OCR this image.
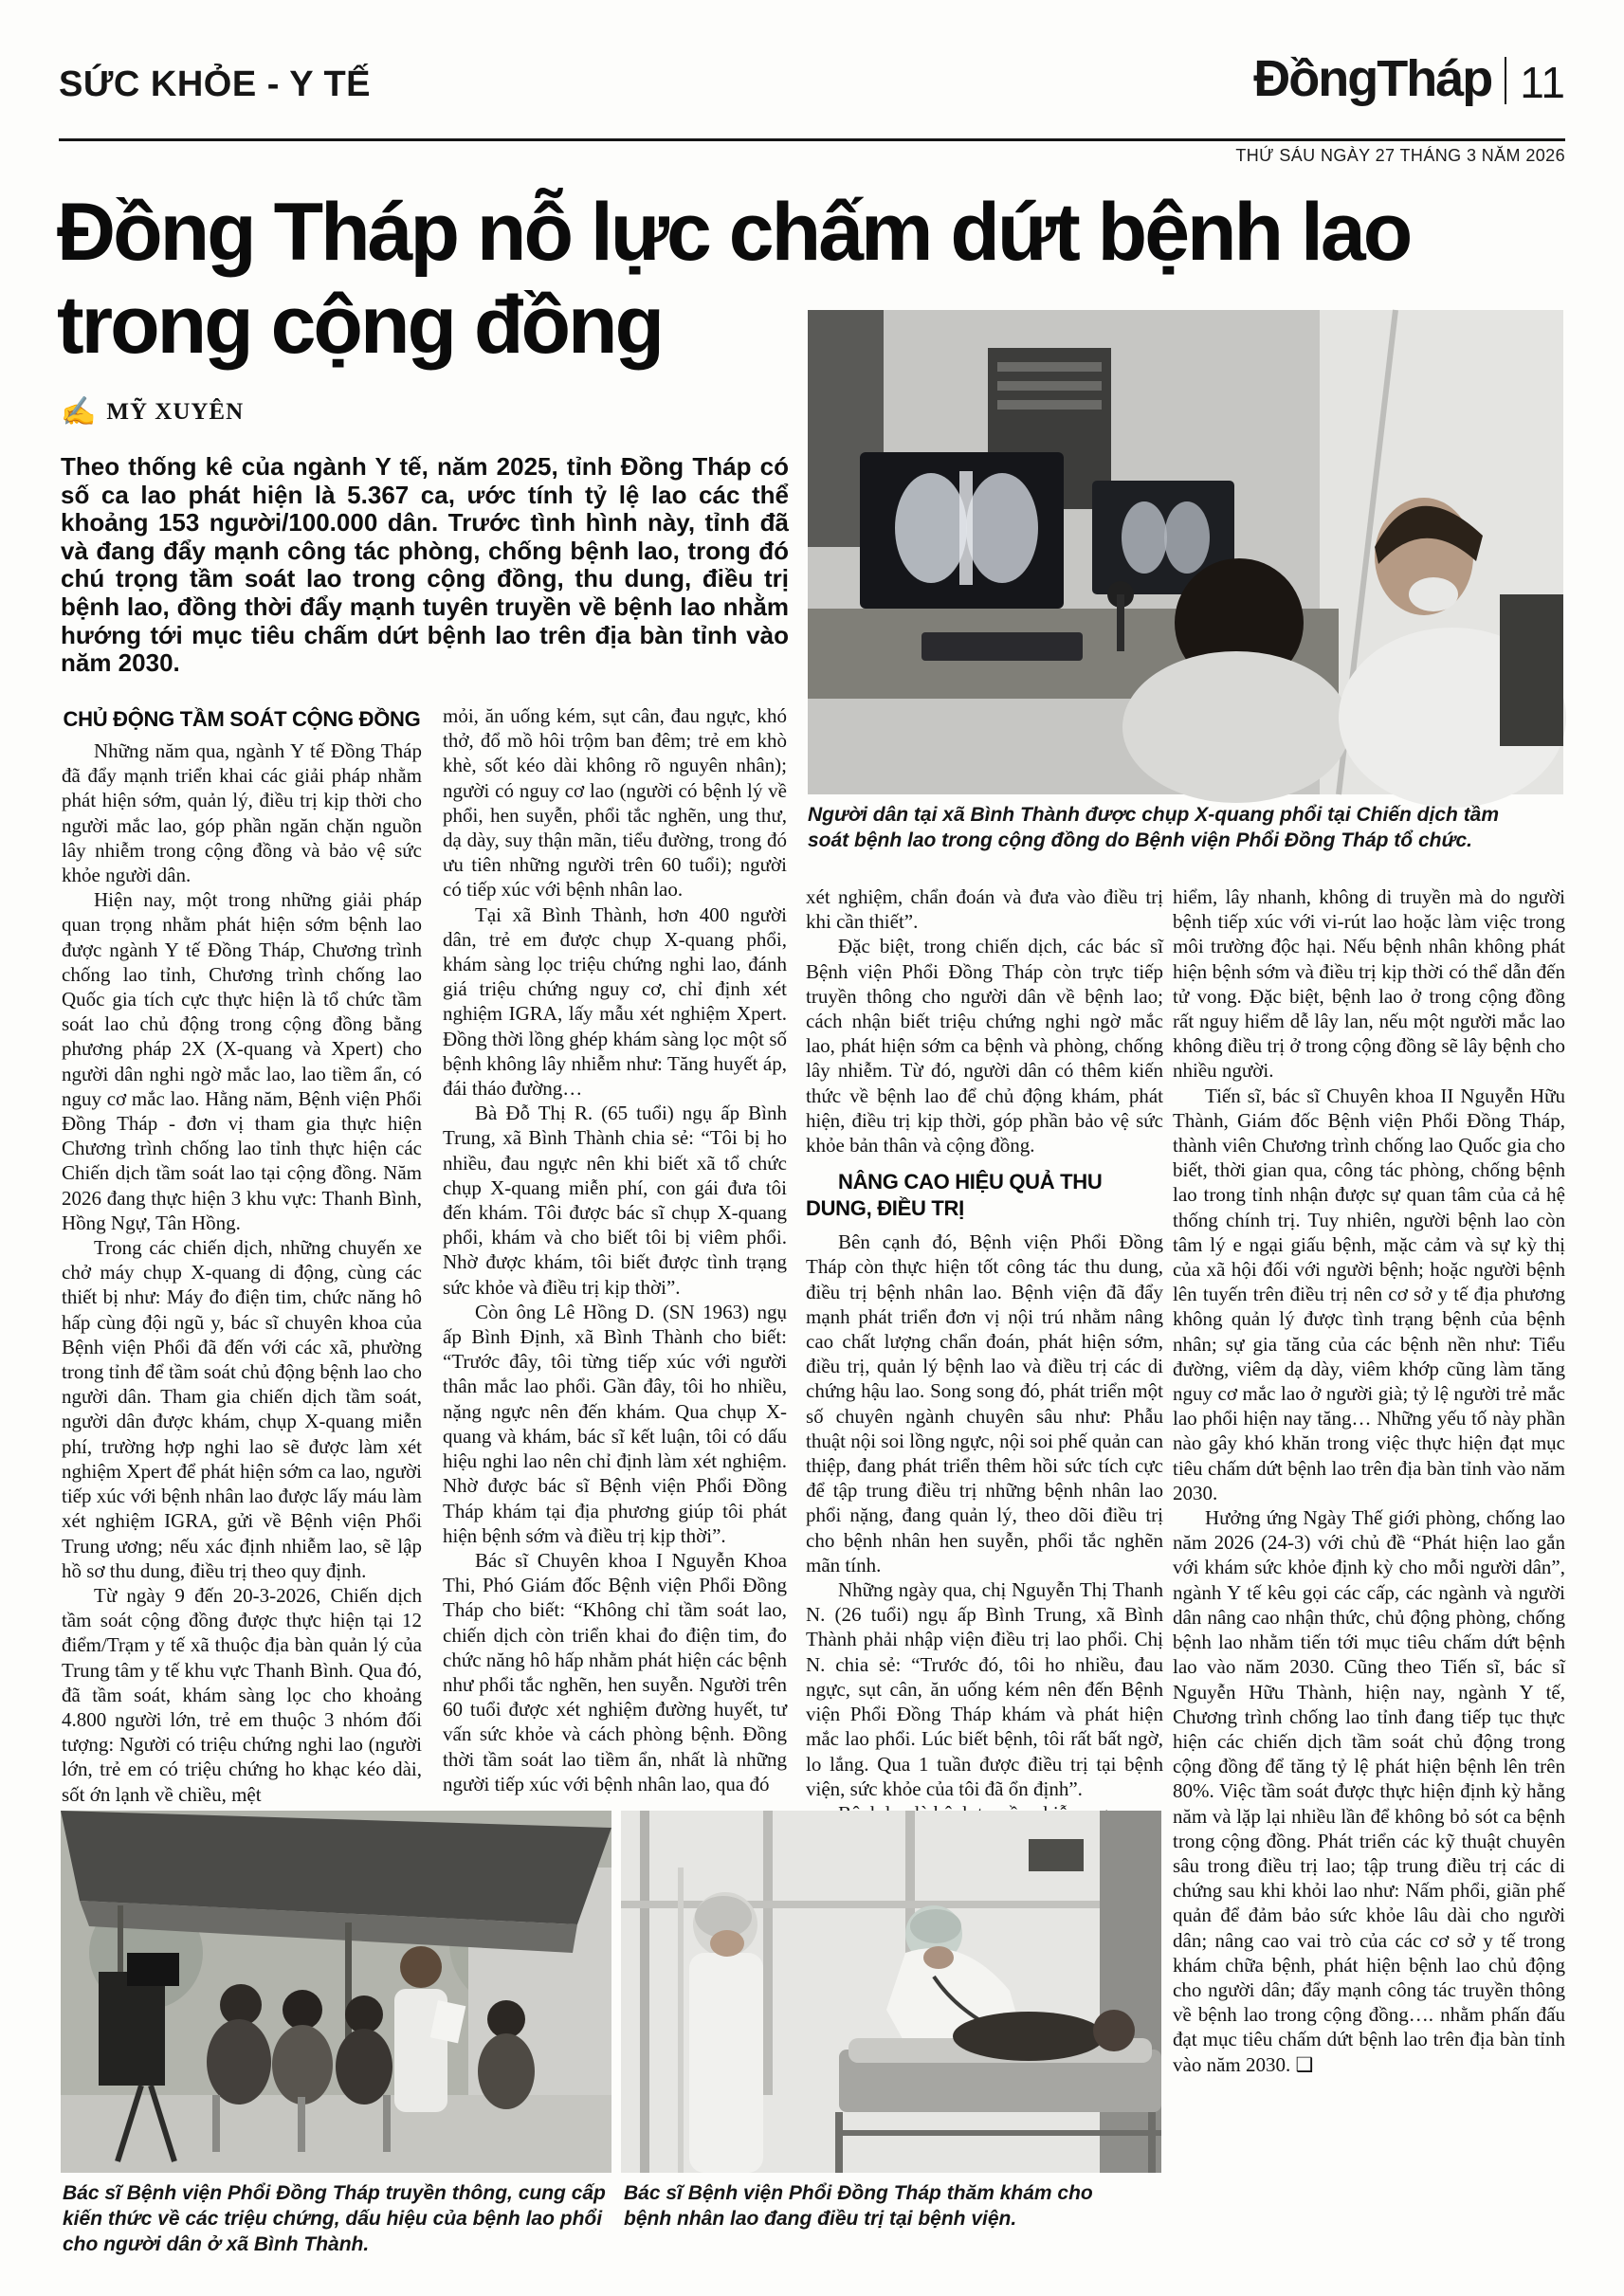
SỨC KHỎE - Y TẾ	ĐồngTháp 11
THỨ SÁU NGÀY 27 THÁNG 3 NĂM 2026
Đồng Tháp nỗ lực chấm dứt bệnh lao
trong cộng đồng
✍ MỸ XUYÊN
Theo thống kê của ngành Y tế, năm 2025, tỉnh Đồng Tháp có số ca lao phát hiện là 5.367 ca, ước tính tỷ lệ lao các thể khoảng 153 người/100.000 dân. Trước tình hình này, tỉnh đã và đang đẩy mạnh công tác phòng, chống bệnh lao, trong đó chú trọng tầm soát lao trong cộng đồng, thu dung, điều trị bệnh lao, đồng thời đẩy mạnh tuyên truyền về bệnh lao nhằm hướng tới mục tiêu chấm dứt bệnh lao trên địa bàn tỉnh vào năm 2030.
Người dân tại xã Bình Thành được chụp X-quang phổi tại Chiến dịch tầm soát bệnh lao trong cộng đồng do Bệnh viện Phổi Đồng Tháp tổ chức.
CHỦ ĐỘNG TẦM SOÁT CỘNG ĐỒNG
Những năm qua, ngành Y tế Đồng Tháp đã đẩy mạnh triển khai các giải pháp nhằm phát hiện sớm, quản lý, điều trị kịp thời cho người mắc lao, góp phần ngăn chặn nguồn lây nhiễm trong cộng đồng và bảo vệ sức khỏe người dân.
Hiện nay, một trong những giải pháp quan trọng nhằm phát hiện sớm bệnh lao được ngành Y tế Đồng Tháp, Chương trình chống lao tỉnh, Chương trình chống lao Quốc gia tích cực thực hiện là tổ chức tầm soát lao chủ động trong cộng đồng bằng phương pháp 2X (X-quang và Xpert) cho người dân nghi ngờ mắc lao, lao tiềm ẩn, có nguy cơ mắc lao. Hằng năm, Bệnh viện Phổi Đồng Tháp - đơn vị tham gia thực hiện Chương trình chống lao tỉnh thực hiện các Chiến dịch tầm soát lao tại cộng đồng. Năm 2026 đang thực hiện 3 khu vực: Thanh Bình, Hồng Ngự, Tân Hồng.
Trong các chiến dịch, những chuyến xe chở máy chụp X-quang di động, cùng các thiết bị như: Máy đo điện tim, chức năng hô hấp cùng đội ngũ y, bác sĩ chuyên khoa của Bệnh viện Phổi đã đến với các xã, phường trong tỉnh để tầm soát chủ động bệnh lao cho người dân. Tham gia chiến dịch tầm soát, người dân được khám, chụp X-quang miễn phí, trường hợp nghi lao sẽ được làm xét nghiệm Xpert để phát hiện sớm ca lao, người tiếp xúc với bệnh nhân lao được lấy máu làm xét nghiệm IGRA, gửi về Bệnh viện Phổi Trung ương; nếu xác định nhiễm lao, sẽ lập hồ sơ thu dung, điều trị theo quy định.
Từ ngày 9 đến 20-3-2026, Chiến dịch tầm soát cộng đồng được thực hiện tại 12 điểm/Trạm y tế xã thuộc địa bàn quản lý của Trung tâm y tế khu vực Thanh Bình. Qua đó, đã tầm soát, khám sàng lọc cho khoảng 4.800 người lớn, trẻ em thuộc 3 nhóm đối tượng: Người có triệu chứng nghi lao (người lớn, trẻ em có triệu chứng ho khạc kéo dài, sốt ớn lạnh về chiều, mệt
mỏi, ăn uống kém, sụt cân, đau ngực, khó thở, đổ mồ hôi trộm ban đêm; trẻ em khò khè, sốt kéo dài không rõ nguyên nhân); người có nguy cơ lao (người có bệnh lý về phổi, hen suyễn, phổi tắc nghẽn, ung thư, dạ dày, suy thận mãn, tiểu đường, trong đó ưu tiên những người trên 60 tuổi); người có tiếp xúc với bệnh nhân lao.
Tại xã Bình Thành, hơn 400 người dân, trẻ em được chụp X-quang phổi, khám sàng lọc triệu chứng nghi lao, đánh giá triệu chứng nguy cơ, chỉ định xét nghiệm IGRA, lấy mẫu xét nghiệm Xpert. Đồng thời lồng ghép khám sàng lọc một số bệnh không lây nhiễm như: Tăng huyết áp, đái tháo đường…
Bà Đỗ Thị R. (65 tuổi) ngụ ấp Bình Trung, xã Bình Thành chia sẻ: “Tôi bị ho nhiều, đau ngực nên khi biết xã tổ chức chụp X-quang miễn phí, con gái đưa tôi đến khám. Tôi được bác sĩ chụp X-quang phổi, khám và cho biết tôi bị viêm phổi. Nhờ được khám, tôi biết được tình trạng sức khỏe và điều trị kịp thời”.
Còn ông Lê Hồng D. (SN 1963) ngụ ấp Bình Định, xã Bình Thành cho biết: “Trước đây, tôi từng tiếp xúc với người thân mắc lao phổi. Gần đây, tôi ho nhiều, nặng ngực nên đến khám. Qua chụp X-quang và khám, bác sĩ kết luận, tôi có dấu hiệu nghi lao nên chỉ định làm xét nghiệm. Nhờ được bác sĩ Bệnh viện Phổi Đồng Tháp khám tại địa phương giúp tôi phát hiện bệnh sớm và điều trị kịp thời”.
Bác sĩ Chuyên khoa I Nguyễn Khoa Thi, Phó Giám đốc Bệnh viện Phổi Đồng Tháp cho biết: “Không chỉ tầm soát lao, chiến dịch còn triển khai đo điện tim, đo chức năng hô hấp nhằm phát hiện các bệnh như phổi tắc nghẽn, hen suyễn. Người trên 60 tuổi được xét nghiệm đường huyết, tư vấn sức khỏe và cách phòng bệnh. Đồng thời tầm soát lao tiềm ẩn, nhất là những người tiếp xúc với bệnh nhân lao, qua đó
xét nghiệm, chẩn đoán và đưa vào điều trị khi cần thiết”.
Đặc biệt, trong chiến dịch, các bác sĩ Bệnh viện Phổi Đồng Tháp còn trực tiếp truyền thông cho người dân về bệnh lao; cách nhận biết triệu chứng nghi ngờ mắc lao, phát hiện sớm ca bệnh và phòng, chống lây nhiễm. Từ đó, người dân có thêm kiến thức về bệnh lao để chủ động khám, phát hiện, điều trị kịp thời, góp phần bảo vệ sức khỏe bản thân và cộng đồng.
NÂNG CAO HIỆU QUẢ THU DUNG, ĐIỀU TRỊ
Bên cạnh đó, Bệnh viện Phổi Đồng Tháp còn thực hiện tốt công tác thu dung, điều trị bệnh nhân lao. Bệnh viện đã đẩy mạnh phát triển đơn vị nội trú nhằm nâng cao chất lượng chẩn đoán, phát hiện sớm, điều trị, quản lý bệnh lao và điều trị các di chứng hậu lao. Song song đó, phát triển một số chuyên ngành chuyên sâu như: Phẫu thuật nội soi lồng ngực, nội soi phế quản can thiệp, đang phát triển thêm hồi sức tích cực để tập trung điều trị những bệnh nhân lao phổi nặng, đang quản lý, theo dõi điều trị cho bệnh nhân hen suyễn, phổi tắc nghẽn mãn tính.
Những ngày qua, chị Nguyễn Thị Thanh N. (26 tuổi) ngụ ấp Bình Trung, xã Bình Thành phải nhập viện điều trị lao phổi. Chị N. chia sẻ: “Trước đó, tôi ho nhiều, đau ngực, sụt cân, ăn uống kém nên đến Bệnh viện Phổi Đồng Tháp khám và phát hiện mắc lao phổi. Lúc biết bệnh, tôi rất bất ngờ, lo lắng. Qua 1 tuần được điều trị tại bệnh viện, sức khỏe của tôi đã ổn định”.
hiểm, lây nhanh, không di truyền mà do người bệnh tiếp xúc với vi-rút lao hoặc làm việc trong môi trường độc hại. Nếu bệnh nhân không phát hiện bệnh sớm và điều trị kịp thời có thể dẫn đến tử vong. Đặc biệt, bệnh lao ở trong cộng đồng rất nguy hiểm dễ lây lan, nếu một người mắc lao không điều trị ở trong cộng đồng sẽ lây bệnh cho nhiều người.
Tiến sĩ, bác sĩ Chuyên khoa II Nguyễn Hữu Thành, Giám đốc Bệnh viện Phổi Đồng Tháp, thành viên Chương trình chống lao Quốc gia cho biết, thời gian qua, công tác phòng, chống bệnh lao trong tỉnh nhận được sự quan tâm của cả hệ thống chính trị. Tuy nhiên, người bệnh lao còn tâm lý e ngại giấu bệnh, mặc cảm và sự kỳ thị của xã hội đối với người bệnh; hoặc người bệnh lên tuyến trên điều trị nên cơ sở y tế địa phương không quản lý được tình trạng bệnh của bệnh nhân; sự gia tăng của các bệnh nền như: Tiểu đường, viêm dạ dày, viêm khớp cũng làm tăng nguy cơ mắc lao ở người già; tỷ lệ người trẻ mắc lao phổi hiện nay tăng… Những yếu tố này phần nào gây khó khăn trong việc thực hiện đạt mục tiêu chấm dứt bệnh lao trên địa bàn tỉnh vào năm 2030.
Hưởng ứng Ngày Thế giới phòng, chống lao năm 2026 (24-3) với chủ đề “Phát hiện lao gắn với khám sức khỏe định kỳ cho mỗi người dân”, ngành Y tế kêu gọi các cấp, các ngành và người dân nâng cao nhận thức, chủ động phòng, chống bệnh lao nhằm tiến tới mục tiêu chấm dứt bệnh lao vào năm 2030. Cũng theo Tiến sĩ, bác sĩ Nguyễn Hữu Thành, hiện nay, ngành Y tế, Chương trình chống lao tỉnh đang tiếp tục thực hiện các chiến dịch tầm soát chủ động trong cộng đồng để tăng tỷ lệ phát hiện bệnh lên trên 80%. Việc tầm soát được thực hiện định kỳ hằng năm và lặp lại nhiều lần để không bỏ sót ca bệnh trong cộng đồng. Phát triển các kỹ thuật chuyên sâu trong điều trị lao; tập trung điều trị các di chứng sau khi khỏi lao như: Nấm phổi, giãn phế quản để đảm bảo sức khỏe lâu dài cho người dân; nâng cao vai trò của các cơ sở y tế trong khám chữa bệnh, phát hiện bệnh lao chủ động cho người dân; đẩy mạnh công tác truyền thông về bệnh lao trong cộng đồng…. nhằm phấn đấu đạt mục tiêu chấm dứt bệnh lao trên địa bàn tỉnh vào năm 2030. ❑
Bác sĩ Bệnh viện Phổi Đồng Tháp truyền thông, cung cấp kiến thức về các triệu chứng, dấu hiệu của bệnh lao phổi cho người dân ở xã Bình Thành.
Bác sĩ Bệnh viện Phổi Đồng Tháp thăm khám cho bệnh nhân lao đang điều trị tại bệnh viện.
